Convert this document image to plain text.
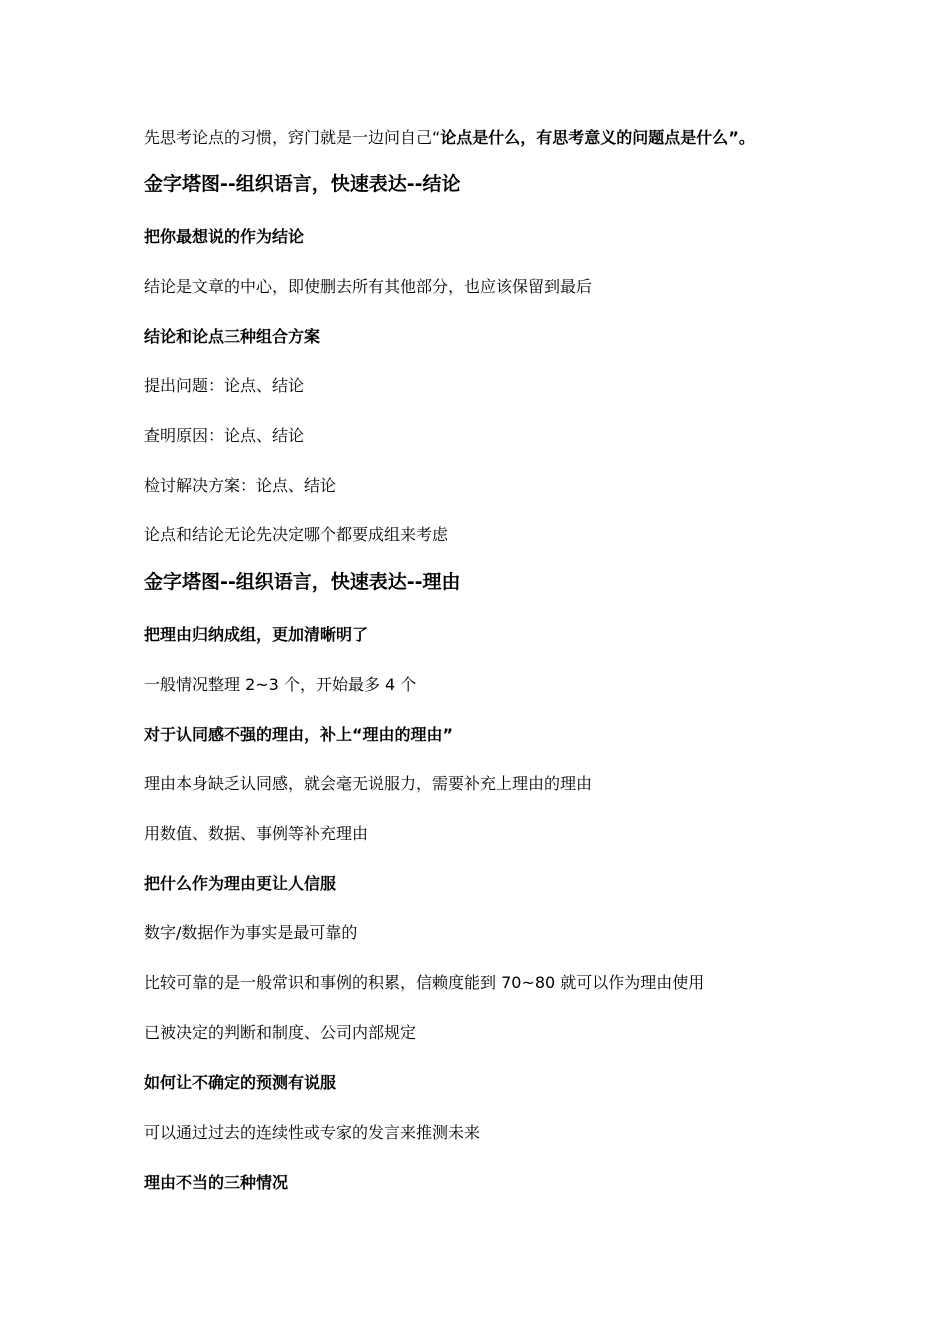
先思考论点的习惯，窍门就是一边问自己“论点是什么，有思考意义的问题点是什么”。
金字塔图--组织语言，快速表达--结论
把你最想说的作为结论
结论是文章的中心，即使删去所有其他部分，也应该保留到最后
结论和论点三种组合方案
提出问题：论点、结论
查明原因：论点、结论
检讨解决方案：论点、结论
论点和结论无论先决定哪个都要成组来考虑
金字塔图--组织语言，快速表达--理由
把理由归纳成组，更加清晰明了
一般情况整理 2~3 个，开始最多 4 个
对于认同感不强的理由，补上“理由的理由”
理由本身缺乏认同感，就会毫无说服力，需要补充上理由的理由
用数值、数据、事例等补充理由
把什么作为理由更让人信服
数字/数据作为事实是最可靠的
比较可靠的是一般常识和事例的积累，信赖度能到 70~80 就可以作为理由使用
已被决定的判断和制度、公司内部规定
如何让不确定的预测有说服
可以通过过去的连续性或专家的发言来推测未来
理由不当的三种情况
